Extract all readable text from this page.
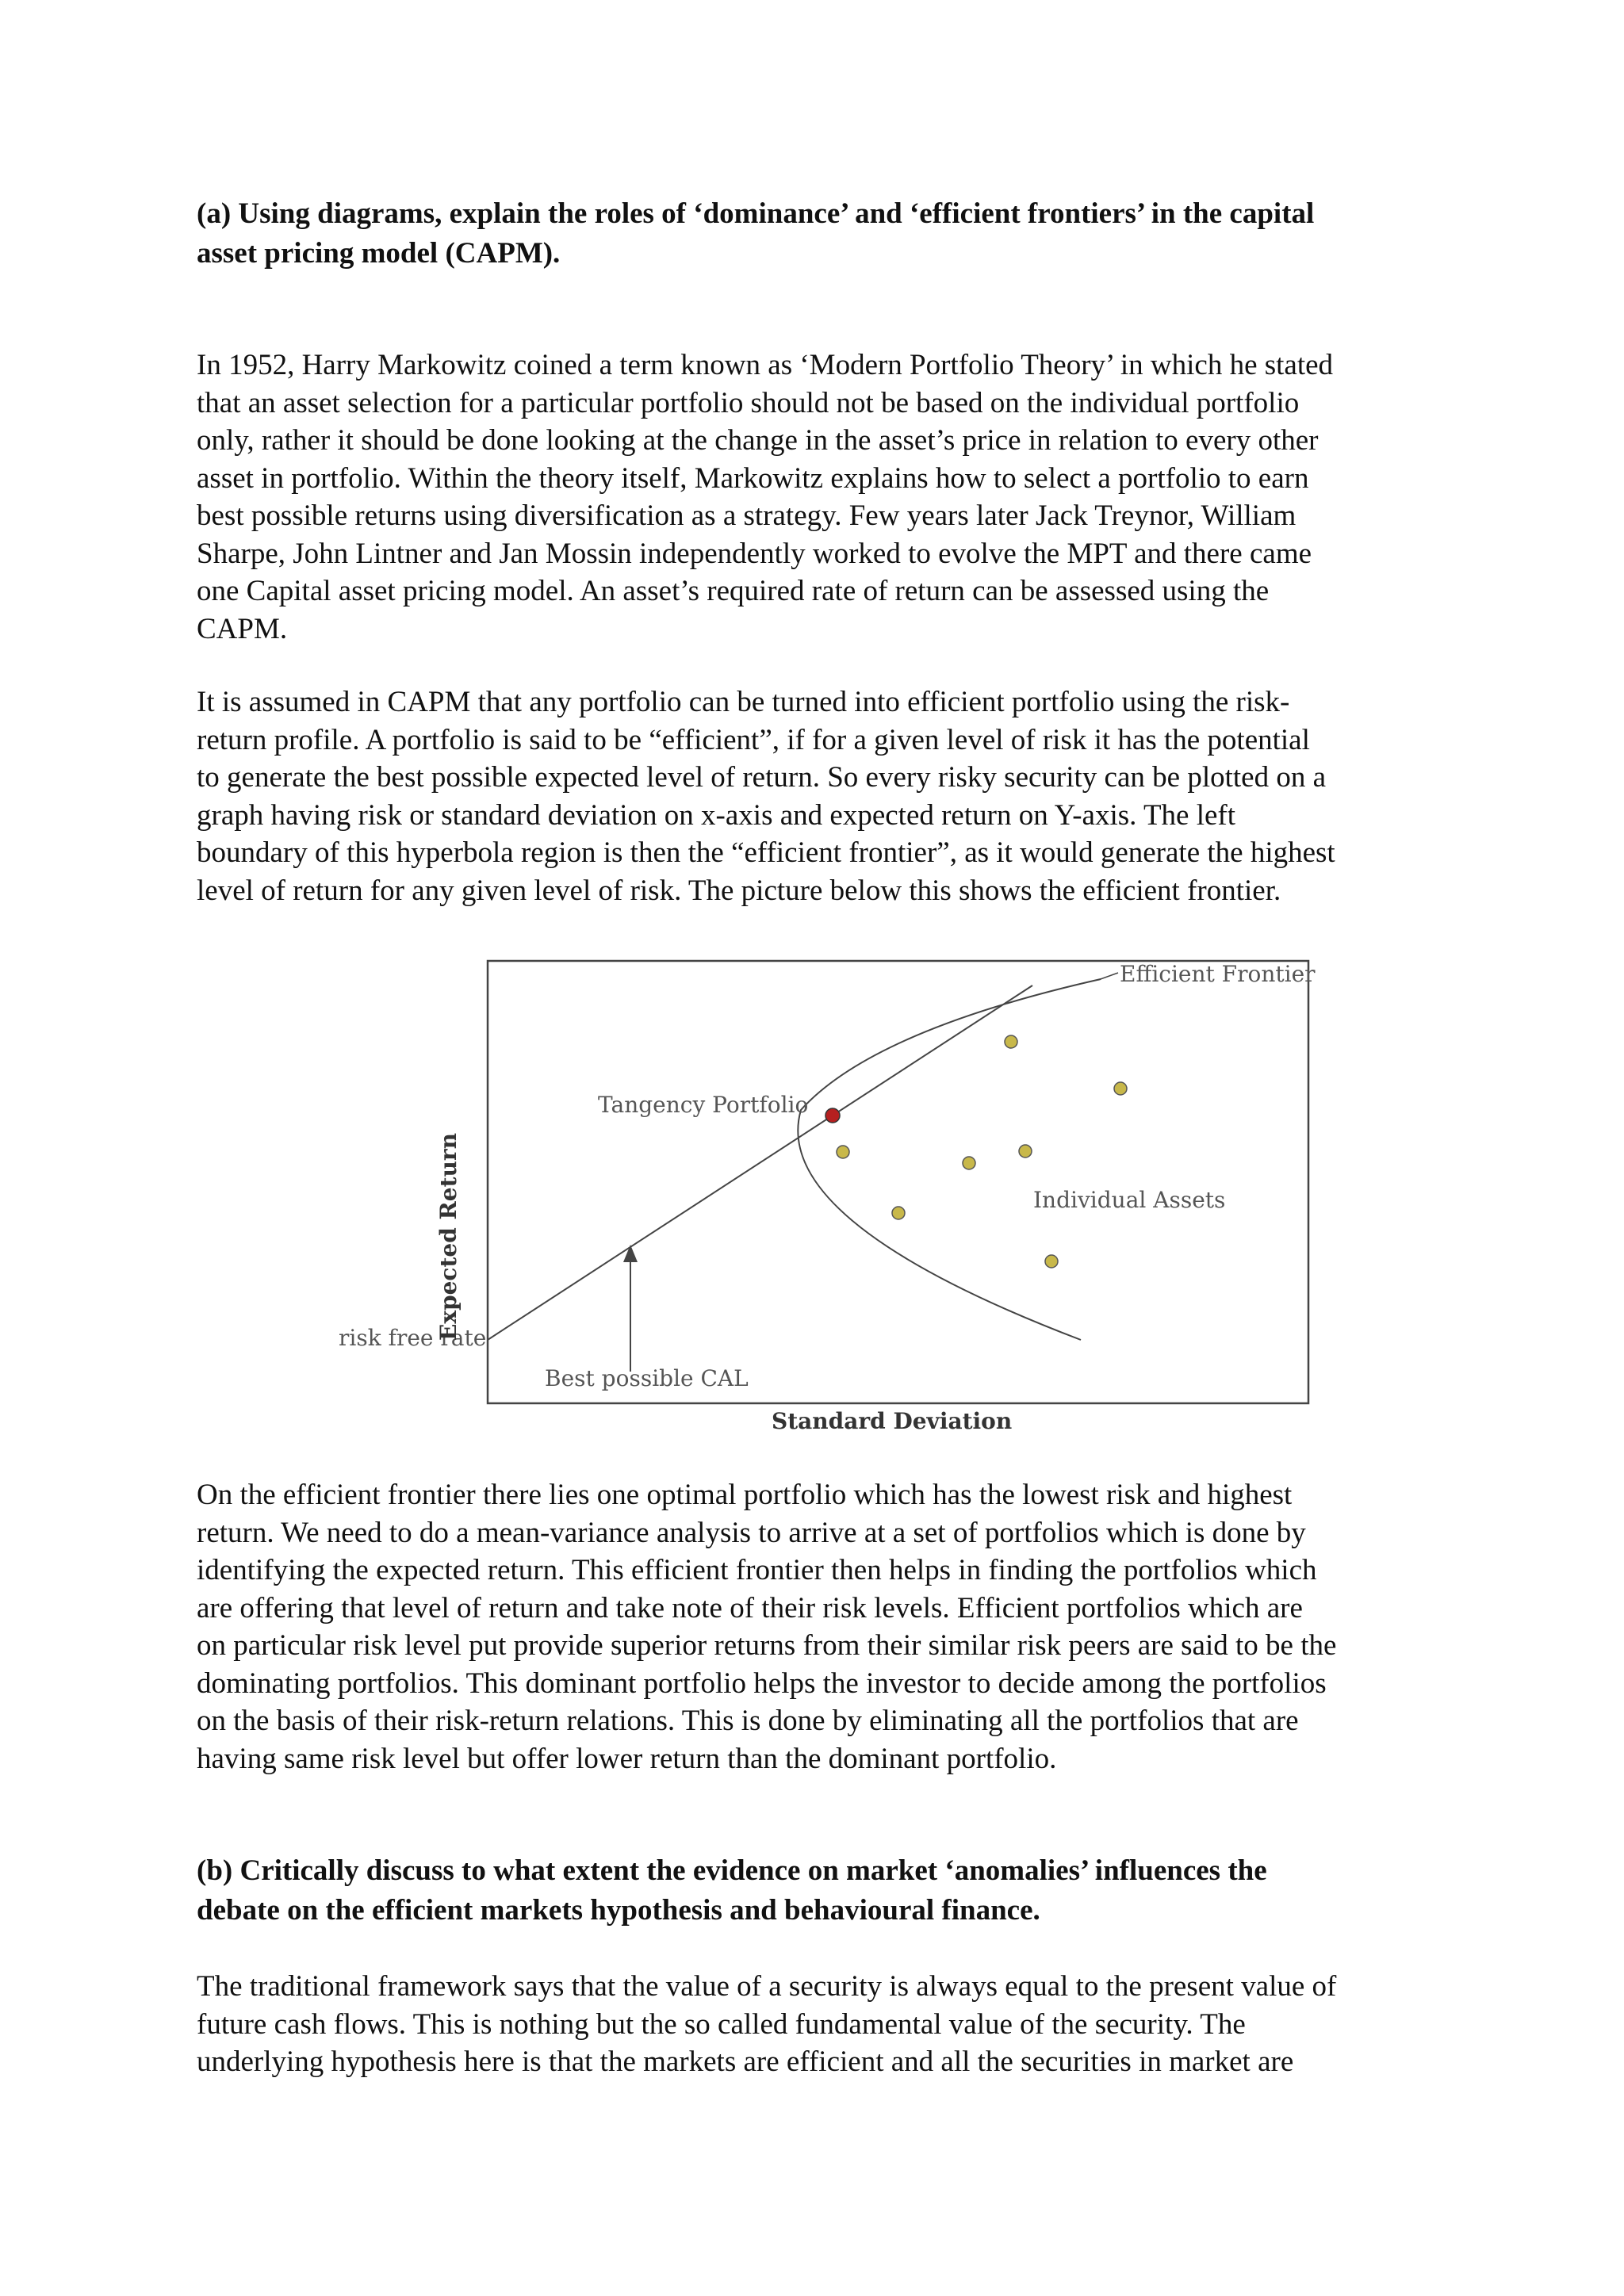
(a) Using diagrams, explain the roles of ‘dominance’ and ‘efficient frontiers’ in the capital
asset pricing model (CAPM).

In 1952, Harry Markowitz coined a term known as ‘Modern Portfolio Theory’ in which he stated
that an asset selection for a particular portfolio should not be based on the individual portfolio
only, rather it should be done looking at the change in the asset’s price in relation to every other
asset in portfolio. Within the theory itself, Markowitz explains how to select a portfolio to earn
best possible returns using diversification as a strategy. Few years later Jack Treynor, William
Sharpe, John Lintner and Jan Mossin independently worked to evolve the MPT and there came
one Capital asset pricing model. An asset’s required rate of return can be assessed using the
CAPM.

It is assumed in CAPM that any portfolio can be turned into efficient portfolio using the risk-
return profile. A portfolio is said to be “efficient”, if for a given level of risk it has the potential
to generate the best possible expected level of return. So every risky security can be plotted on a
graph having risk or standard deviation on x-axis and expected return on Y-axis. The left
boundary of this hyperbola region is then the “efficient frontier”, as it would generate the highest
level of return for any given level of risk. The picture below this shows the efficient frontier.

Efficient Frontier
Tangency Portfolio
Individual Assets
risk free rate
Best possible CAL
Standard Deviation
Expected Return

On the efficient frontier there lies one optimal portfolio which has the lowest risk and highest
return. We need to do a mean-variance analysis to arrive at a set of portfolios which is done by
identifying the expected return. This efficient frontier then helps in finding the portfolios which
are offering that level of return and take note of their risk levels. Efficient portfolios which are
on particular risk level put provide superior returns from their similar risk peers are said to be the
dominating portfolios. This dominant portfolio helps the investor to decide among the portfolios
on the basis of their risk-return relations. This is done by eliminating all the portfolios that are
having same risk level but offer lower return than the dominant portfolio.

(b) Critically discuss to what extent the evidence on market ‘anomalies’ influences the
debate on the efficient markets hypothesis and behavioural finance.

The traditional framework says that the value of a security is always equal to the present value of
future cash flows. This is nothing but the so called fundamental value of the security. The
underlying hypothesis here is that the markets are efficient and all the securities in market are
